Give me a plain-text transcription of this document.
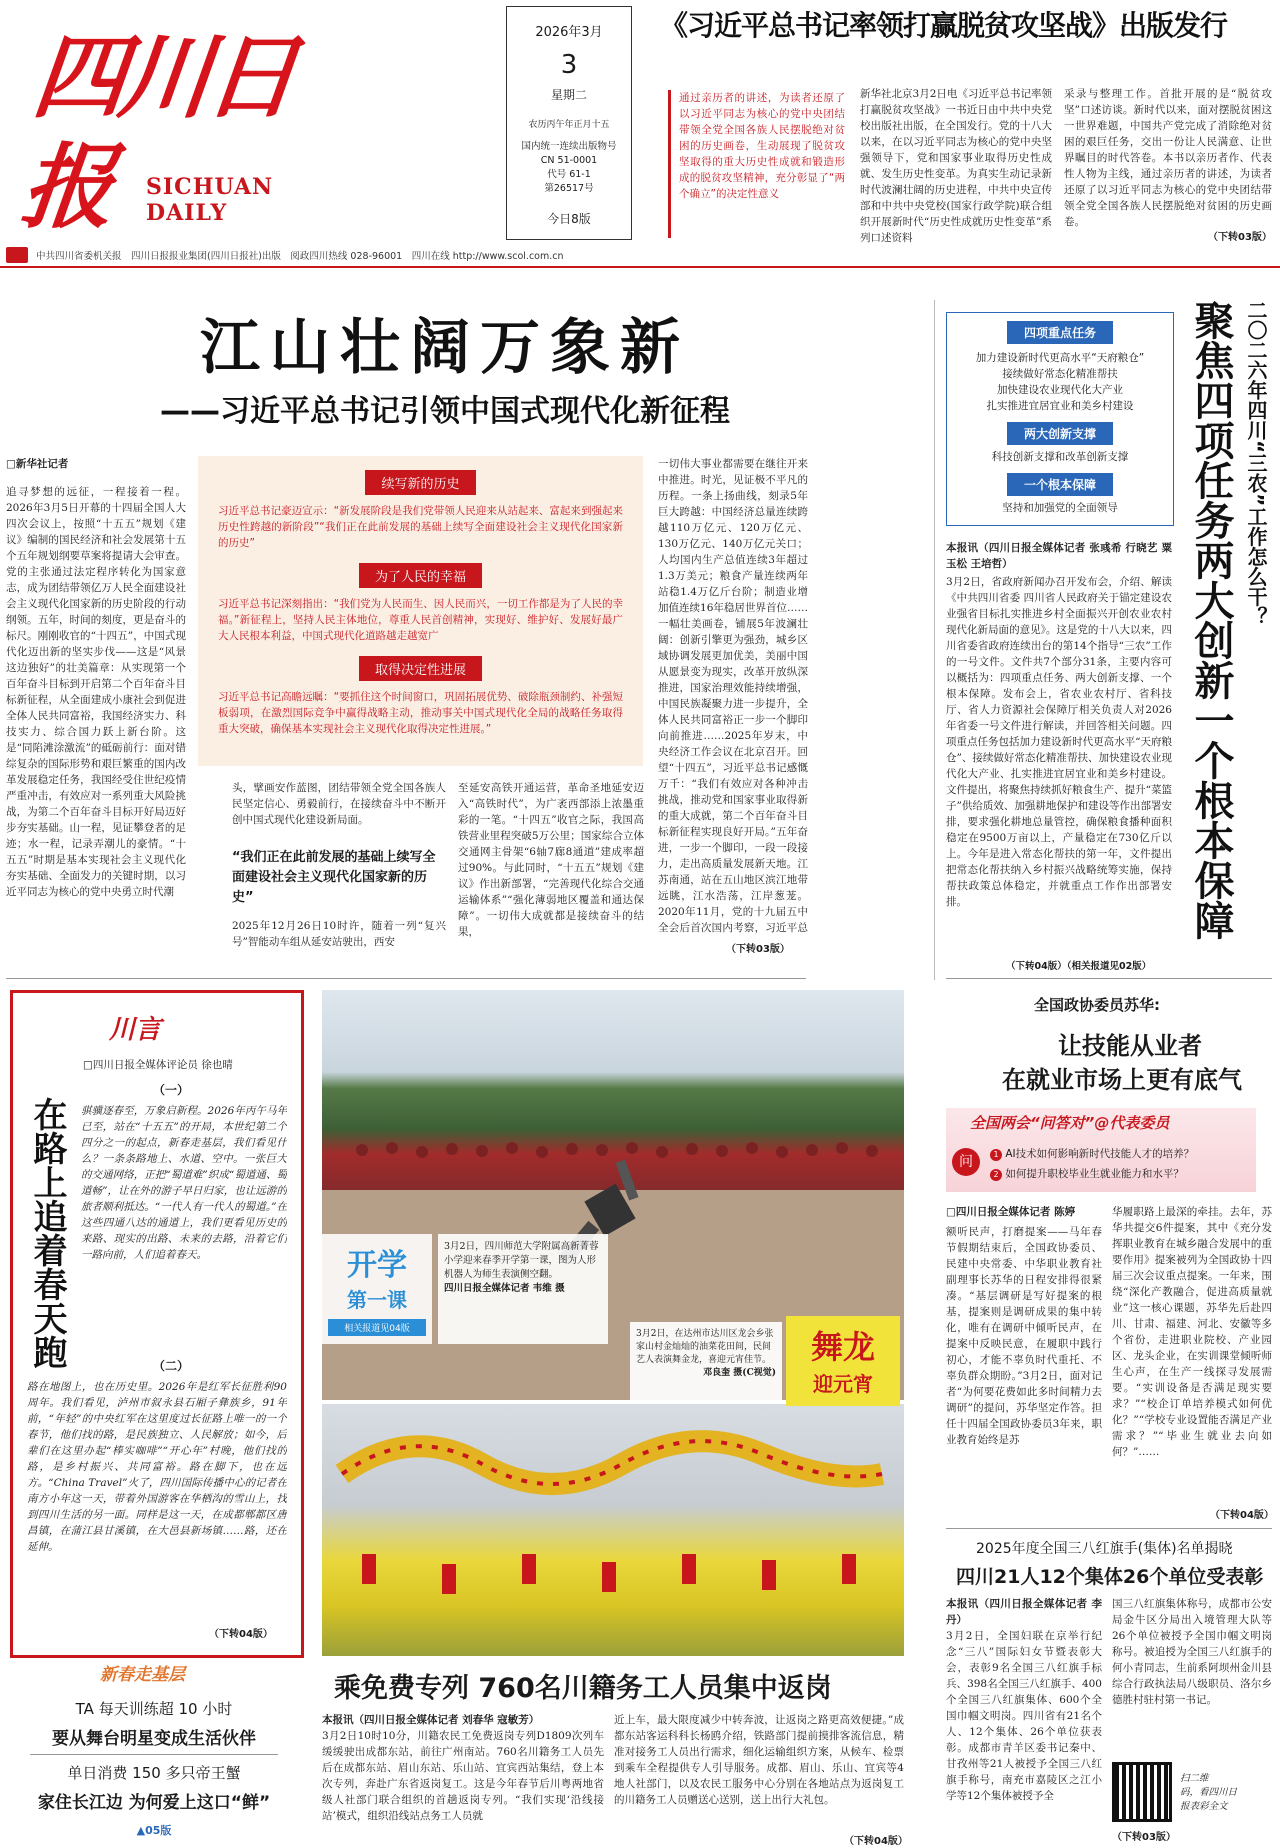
四川日报	SICHUAN DAILY
2026年3月
3
星期二
农历丙午年正月十五
国内统一连续出版物号
CN 51-0001
代号 61-1
第26517号
今日8版
中共四川省委机关报　四川日报报业集团(四川日报社)出版　阅政四川热线 028-96001　四川在线 http://www.scol.com.cn
《习近平总书记率领打赢脱贫攻坚战》出版发行
通过亲历者的讲述，为读者还原了以习近平同志为核心的党中央团结带领全党全国各族人民摆脱绝对贫困的历史画卷，生动展现了脱贫攻坚取得的重大历史性成就和锻造形成的脱贫攻坚精神，充分彰显了“两个确立”的决定性意义
新华社北京3月2日电《习近平总书记率领打赢脱贫攻坚战》一书近日由中共中央党校出版社出版，在全国发行。党的十八大以来，在以习近平同志为核心的党中央坚强领导下，党和国家事业取得历史性成就、发生历史性变革。为真实生动记录新时代波澜壮阔的历史进程，中共中央宣传部和中共中央党校(国家行政学院)联合组织开展新时代“历史性成就历史性变革”系列口述资料
采录与整理工作。首批开展的是“脱贫攻坚”口述访谈。新时代以来，面对摆脱贫困这一世界难题，中国共产党完成了消除绝对贫困的艰巨任务，交出一份让人民满意、让世界瞩目的时代答卷。本书以亲历者作、代表性人物为主线，通过亲历者的讲述，为读者还原了以习近平同志为核心的党中央团结带领全党全国各族人民摆脱绝对贫困的历史画卷。
（下转03版）
江山壮阔万象新
——习近平总书记引领中国式现代化新征程
□新华社记者
追寻梦想的远征，一程接着一程。2026年3月5日开幕的十四届全国人大四次会议上，按照“十五五”规划《建议》编制的国民经济和社会发展第十五个五年规划纲要草案将提请大会审查。党的主张通过法定程序转化为国家意志，成为团结带领亿万人民全面建设社会主义现代化国家新的历史阶段的行动纲领。五年，时间的刻度，更是奋斗的标尺。刚刚收官的“十四五”，中国式现代化迈出新的坚实步伐——这是“风景这边独好”的壮美篇章：从实现第一个百年奋斗目标到开启第二个百年奋斗目标新征程，从全面建成小康社会到促进全体人民共同富裕，我国经济实力、科技实力、综合国力跃上新台阶。这是“同陷滩涂激流”的砥砺前行：面对错综复杂的国际形势和艰巨繁重的国内改革发展稳定任务，我国经受住世纪疫情严重冲击，有效应对一系列重大风险挑战，为第二个百年奋斗目标开好局迈好步夯实基础。山一程，见证攀登者的足迹；水一程，记录弄潮儿的豪情。“十五五”时期是基本实现社会主义现代化夯实基础、全面发力的关键时期，以习近平同志为核心的党中央勇立时代潮
续写新的历史
习近平总书记豪迈宣示：“新发展阶段是我们党带领人民迎来从站起来、富起来到强起来历史性跨越的新阶段”“我们正在此前发展的基础上续写全面建设社会主义现代化国家新的历史”
为了人民的幸福
习近平总书记深刻指出：“我们党为人民而生、因人民而兴，一切工作都是为了人民的幸福。”新征程上，坚持人民主体地位，尊重人民首创精神，实现好、维护好、发展好最广大人民根本利益，中国式现代化道路越走越宽广
取得决定性进展
习近平总书记高瞻远瞩：“要抓住这个时间窗口，巩固拓展优势、破除瓶颈制约、补强短板弱项，在激烈国际竞争中赢得战略主动，推动事关中国式现代化全局的战略任务取得重大突破，确保基本实现社会主义现代化取得决定性进展。”
头，擘画安作蓝图，团结带领全党全国各族人民坚定信心、勇毅前行，在接续奋斗中不断开创中国式现代化建设新局面。
“我们正在此前发展的基础上续写全面建设社会主义现代化国家新的历史”
2025年12月26日10时许，随着一列“复兴号”智能动车组从延安站驶出，西安
至延安高铁开通运营，革命圣地延安迈入“高铁时代”，为广袤西部添上浓墨重彩的一笔。“十四五”收官之际，我国高铁营业里程突破5万公里；国家综合立体交通网主骨架“6轴7廊8通道”建成率超过90%。与此同时，“十五五”规划《建议》作出新部署，“完善现代化综合交通运输体系”“强化薄弱地区覆盖和通达保障”。一切伟大成就都是接续奋斗的结果，
一切伟大事业都需要在继往开来中推进。时光，见证极不平凡的历程。一条上扬曲线，刻录5年巨大跨越：中国经济总量连续跨越110万亿元、120万亿元、130万亿元、140万亿元关口；人均国内生产总值连续3年超过1.3万美元；粮食产量连续两年站稳1.4万亿斤台阶；制造业增加值连续16年稳居世界首位……一幅壮美画卷，铺展5年波澜壮阔：创新引擎更为强劲，城乡区域协调发展更加优美，美丽中国从愿景变为现实，改革开放纵深推进，国家治理效能持续增强，中国民族凝聚力进一步提升，全体人民共同富裕正一步一个脚印向前推进……2025年岁末，中央经济工作会议在北京召开。回望“十四五”，习近平总书记感慨万千：“我们有效应对各种冲击挑战，推动党和国家事业取得新的重大成就，第二个百年奋斗目标新征程实现良好开局。”五年奋进，一步一个脚印，一段一段接力，走出高质量发展新天地。江苏南通，站在五山地区滨江地带远眺，江水浩荡，江岸葱茏。2020年11月，党的十九届五中全会后首次国内考察，习近平总
（下转03版）
四项重点任务
加力建设新时代更高水平“天府粮仓”
接续做好常态化精准帮扶
加快建设农业现代化大产业
扎实推进宜居宜业和美乡村建设
两大创新支撑
科技创新支撑和改革创新支撑
一个根本保障
坚持和加强党的全面领导	聚焦四项任务两大创新一个根本保障 二〇二六年四川“三农”工作怎么干？
本报讯（四川日报全媒体记者 张彧希 行晓艺 粟玉松 王培哲）
3月2日，省政府新闻办召开发布会，介绍、解读《中共四川省委 四川省人民政府关于锚定建设农业强省目标扎实推进乡村全面振兴开创农业农村现代化新局面的意见》。这是党的十八大以来，四川省委省政府连续出台的第14个指导“三农”工作的一号文件。文件共7个部分31条，主要内容可以概括为：四项重点任务、两大创新支撑、一个根本保障。发布会上，省农业农村厅、省科技厅、省人力资源社会保障厅相关负责人对2026年省委一号文件进行解读，并回答相关问题。四项重点任务包括加力建设新时代更高水平“天府粮仓”、接续做好常态化精准帮扶、加快建设农业现代化大产业、扎实推进宜居宜业和美乡村建设。文件提出，将聚焦持续抓好粮食生产、提升“菜篮子”供给质效、加强耕地保护和建设等作出部署安排，要求强化耕地总量管控，确保粮食播种面积稳定在9500万亩以上，产量稳定在730亿斤以上。今年是进入常态化帮扶的第一年，文件提出把常态化帮扶纳入乡村振兴战略统筹实施，保持帮扶政策总体稳定，并就重点工作作出部署安排。
（下转04版）（相关报道见02版）
川言
□四川日报全媒体评论员 徐也晴
在路上追着春天跑
（一）
骐骥逐春至，万象启新程。2026年丙午马年已至，站在“十五五”的开局，本世纪第二个四分之一的起点，新春走基层，我们看见什么？一条条路地上、水道、空中。一张巨大的交通网络，正把“蜀道难”织成“蜀道通、蜀道畅”，让在外的游子早日归家，也让远游的旅者顺利抵达。“一代人有一代人的蜀道。”在这些四通八达的通道上，我们更看见历史的来路、现实的出路、未来的去路，沿着它们一路向前，人们追着春天。
（二）
路在地图上，也在历史里。2026年是红军长征胜利90周年。我们看见，泸州市叙永县石厢子彝族乡，91年前，“年轻”的中央红军在这里度过长征路上唯一的一个春节，他们找的路，是民族独立、人民解放；如今，后辈们在这里办起“棒实咖啡”“开心年”村晚，他们找的路，是乡村振兴、共同富裕。路在脚下，也在远方。“China Travel”火了，四川国际传播中心的记者在南方小年这一天，带着外国游客在华栖沟的雪山上，找到四川生活的另一面。同样是这一天，在成都郫都区唐昌镇，在蒲江县甘溪镇，在大邑县新场镇……路，还在延伸。
（下转04版）
开学
第一课
相关报道见04版
3月2日，四川师范大学附属高新菁蓉小学迎来春季开学第一课，图为人形机器人为师生表演侧空翻。
四川日报全媒体记者 韦维 摄
3月2日，在达州市达川区龙会乡张家山村金灿灿的油菜花田间，民间艺人表演舞金龙，喜迎元宵佳节。
邓良奎 摄(C视觉)
舞龙
迎元宵
全国政协委员苏华:
让技能从业者
在就业市场上更有底气
全国两会“问答对”@代表委员
问	1 AI技术如何影响新时代技能人才的培养？
2 如何提升职校毕业生就业能力和水平？
□四川日报全媒体记者 陈婷
额听民声，打磨提案——马年春节假期结束后，全国政协委员、民建中央常委、中华职业教育社副理事长苏华的日程安排得很紧凑。“基层调研是写好提案的根基，提案则是调研成果的集中转化，唯有在调研中倾听民声，在提案中反映民意，在履职中践行初心，才能不辜负时代重托、不辜负群众期盼。”3月2日，面对记者“为何要花费如此多时间精力去调研”的提问，苏华坚定作答。担任十四届全国政协委员3年来，职业教育始终是苏
华履职路上最深的牵挂。去年，苏华共提交6件提案，其中《充分发挥职业教育在城乡融合发展中的重要作用》提案被列为全国政协十四届三次会议重点提案。一年来，围绕“深化产教融合，促进高质量就业”这一核心课题，苏华先后赴四川、甘肃、福建、河北、安徽等多个省份，走进职业院校、产业园区、龙头企业，在实训课堂倾听师生心声，在生产一线探寻发展需要。“实训设备是否满足现实要求？”“校企订单培养模式如何优化？”“学校专业设置能否满足产业需求？”“毕业生就业去向如何？”……
（下转04版）
2025年度全国三八红旗手(集体)名单揭晓
四川21人12个集体26个单位受表彰
本报讯（四川日报全媒体记者 李丹）
3月2日，全国妇联在京举行纪念“三八”国际妇女节暨表彰大会，表彰9名全国三八红旗手标兵、398名全国三八红旗手、400个全国三八红旗集体、600个全国巾帼文明岗。四川省有21名个人、12个集体、26个单位获表彰。成都市青羊区委书记秦中、甘孜州等21人被授予全国三八红旗手称号，南充市嘉陵区之江小学等12个集体被授予全
国三八红旗集体称号，成都市公安局金牛区分局出入境管理大队等26个单位被授予全国巾帼文明岗称号。被追授为全国三八红旗手的何小青同志，生前系阿坝州金川县综合行政执法局八级职员、洛尔乡德胜村驻村第一书记。
扫二维
码，看四川日
报表彩全文
（下转03版）
乘免费专列 760名川籍务工人员集中返岗
本报讯（四川日报全媒体记者 刘春华 寇敏芳）
3月2日10时10分，川籍农民工免费返岗专列D1809次列车缓缓驶出成都东站，前往广州南站。760名川籍务工人员先后在成都东站、眉山东站、乐山站、宜宾西站集结，登上本次专列，奔赴广东省返岗复工。这是今年春节后川粤两地省级人社部门联合组织的首趟返岗专列。“我们实现‘沿线接站’模式，组织沿线站点务工人员就
近上车，最大限度减少中转奔波，让返岗之路更高效便捷。”成都东站客运科科长杨鸥介绍，铁路部门提前摸排客流信息，精准对接务工人员出行需求，细化运输组织方案，从候车、检票到乘车全程提供专人引导服务。成都、眉山、乐山、宜宾等4地人社部门，以及农民工服务中心分别在各地站点为返岗复工的川籍务工人员赠送心送别，送上出行大礼包。
（下转04版）
新春走基层
TA 每天训练超 10 小时
要从舞台明星变成生活伙伴
单日消费 150 多只帝王蟹
家住长江边 为何爱上这口“鲜”
▲05版
